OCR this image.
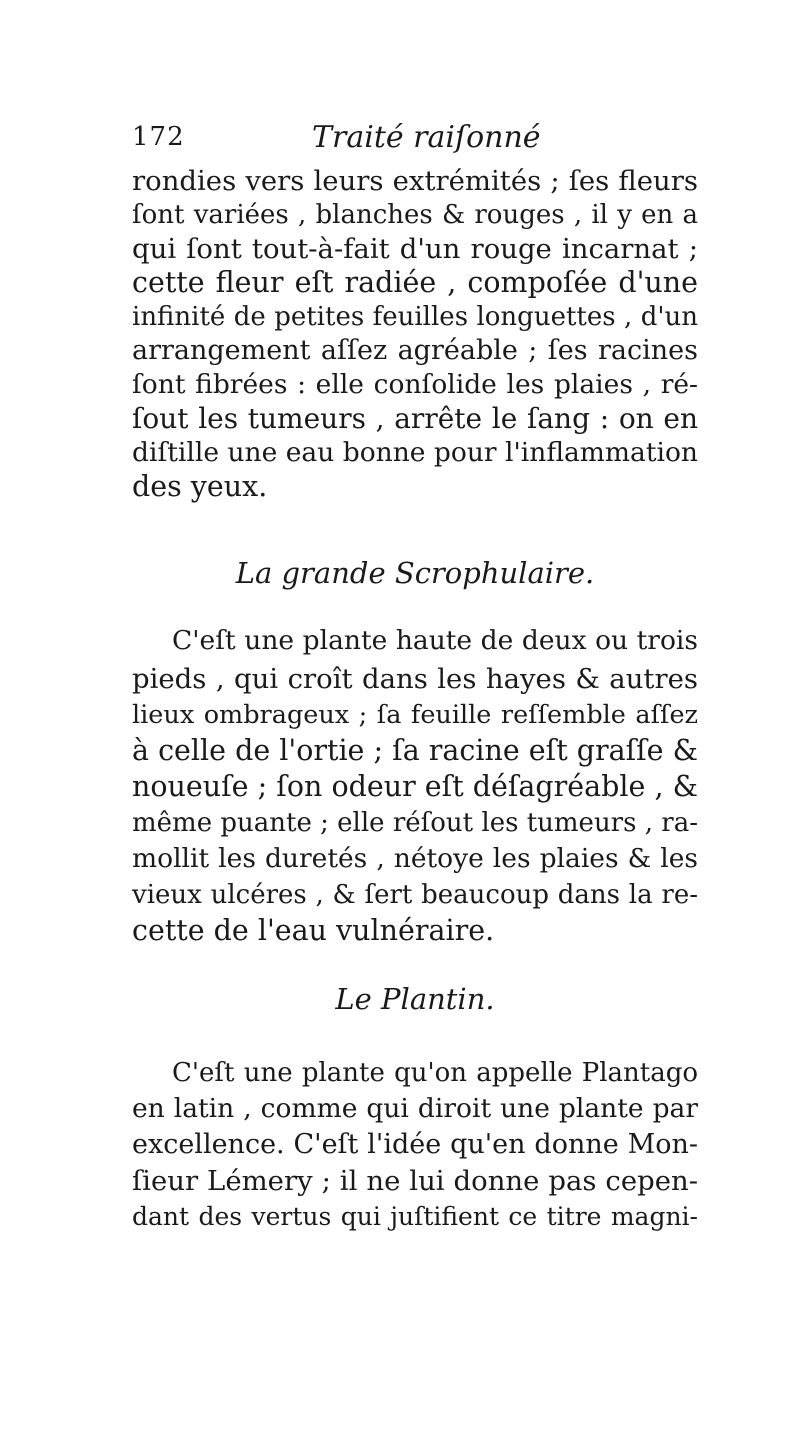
172	Traité raiſonné
rondies vers leurs extrémités ; ſes fleurs
ſont variées , blanches & rouges , il y en a
qui ſont tout-à-fait d'un rouge incarnat ;
cette fleur eſt radiée , compoſée d'une
infinité de petites feuilles longuettes , d'un
arrangement aſſez agréable ; ſes racines
ſont fibrées : elle conſolide les plaies , ré-
ſout les tumeurs , arrête le ſang : on en
diſtille une eau bonne pour l'inflammation
des yeux.
La grande Scrophulaire.
C'eſt une plante haute de deux ou trois
pieds , qui croît dans les hayes & autres
lieux ombrageux ; ſa feuille reſſemble aſſez
à celle de l'ortie ; ſa racine eſt graſſe &
noueuſe ; ſon odeur eſt déſagréable , &
même puante ; elle réſout les tumeurs , ra-
mollit les duretés , nétoye les plaies & les
vieux ulcéres , & ſert beaucoup dans la re-
cette de l'eau vulnéraire.
Le Plantin.
C'eſt une plante qu'on appelle Plantago
en latin , comme qui diroit une plante par
excellence. C'eſt l'idée qu'en donne Mon-
ſieur Lémery ; il ne lui donne pas cepen-
dant des vertus qui juſtifient ce titre magni-
